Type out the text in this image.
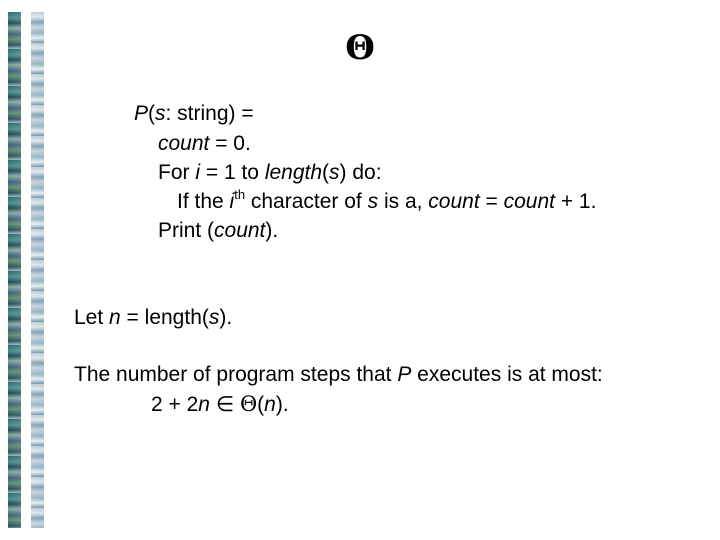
Θ
P(s: string) =
count = 0.
For i = 1 to length(s) do:
If the $i^{th}$ character of s is a, count = count + 1.
Print (count).
Let n = length(s).
The number of program steps that P executes is at most:
2 + 2n ∈ Θ(n).
